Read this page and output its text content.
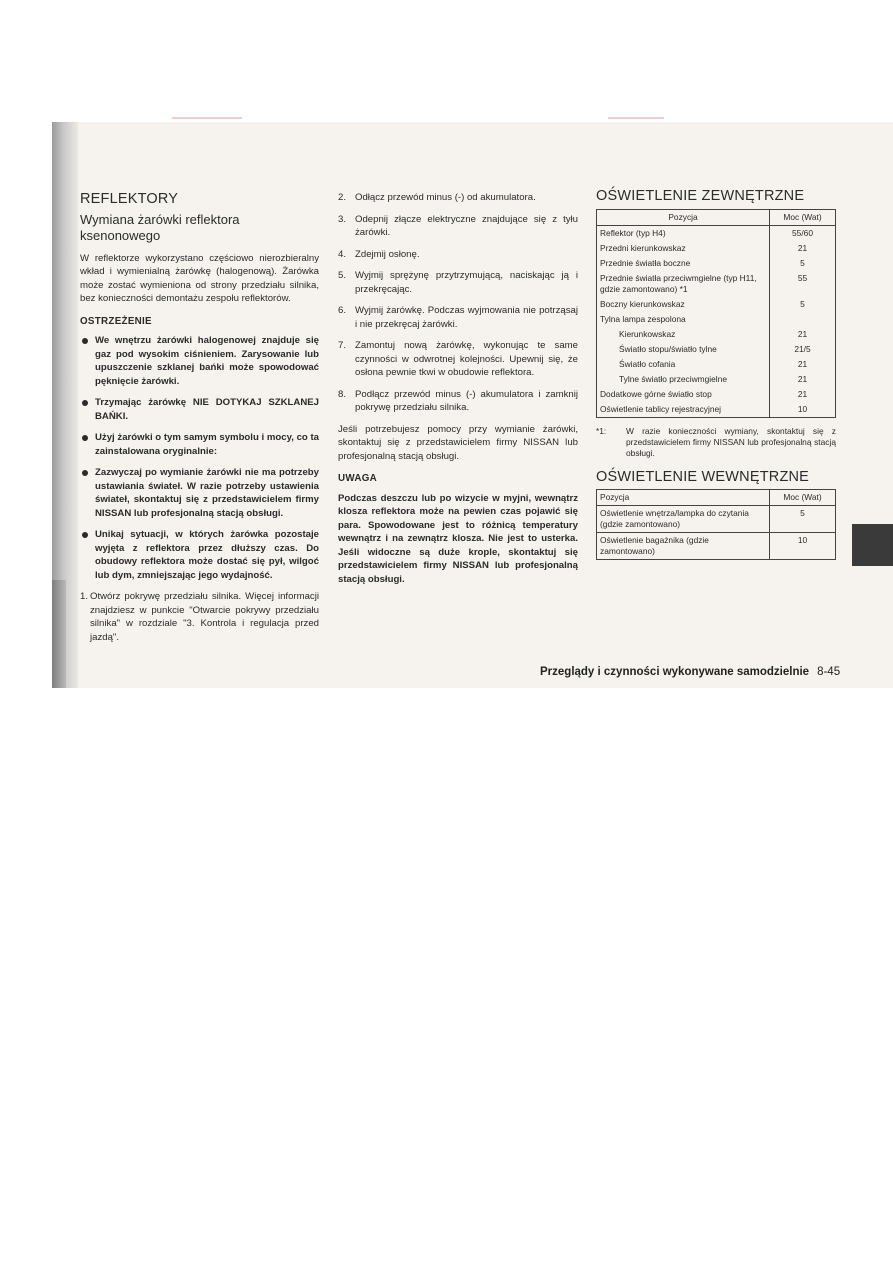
REFLEKTORY
Wymiana żarówki reflektora ksenonowego

W reflektorze wykorzystano częściowo nierozbieralny wkład i wymienialną żarówkę (halogenową). Żarówka może zostać wymieniona od strony przedziału silnika, bez konieczności demontażu zespołu reflektorów.

OSTRZEŻENIE
We wnętrzu żarówki halogenowej znajduje się gaz pod wysokim ciśnieniem. Zarysowanie lub upuszczenie szklanej bańki może spowodować pęknięcie żarówki.
Trzymając żarówkę NIE DOTYKAJ SZKLANEJ BAŃKI.
Użyj żarówki o tym samym symbolu i mocy, co ta zainstalowana oryginalnie:
Zazwyczaj po wymianie żarówki nie ma potrzeby ustawiania świateł. W razie potrzeby ustawienia świateł, skontaktuj się z przedstawicielem firmy NISSAN lub profesjonalną stacją obsługi.
Unikaj sytuacji, w których żarówka pozostaje wyjęta z reflektora przez dłuższy czas. Do obudowy reflektora może dostać się pył, wilgoć lub dym, zmniejszając jego wydajność.
1. Otwórz pokrywę przedziału silnika. Więcej informacji znajdziesz w punkcie "Otwarcie pokrywy przedziału silnika" w rozdziale "3. Kontrola i regulacja przed jazdą".
2. Odłącz przewód minus (-) od akumulatora.
3. Odepnij złącze elektryczne znajdujące się z tyłu żarówki.
4. Zdejmij osłonę.
5. Wyjmij sprężynę przytrzymującą, naciskając ją i przekręcając.
6. Wyjmij żarówkę. Podczas wyjmowania nie potrząsaj i nie przekręcaj żarówki.
7. Zamontuj nową żarówkę, wykonując te same czynności w odwrotnej kolejności. Upewnij się, że osłona pewnie tkwi w obudowie reflektora.
8. Podłącz przewód minus (-) akumulatora i zamknij pokrywę przedziału silnika.

Jeśli potrzebujesz pomocy przy wymianie żarówki, skontaktuj się z przedstawicielem firmy NISSAN lub profesjonalną stacją obsługi.

UWAGA

Podczas deszczu lub po wizycie w myjni, wewnątrz klosza reflektora może na pewien czas pojawić się para. Spowodowane jest to różnicą temperatury wewnątrz i na zewnątrz klosza. Nie jest to usterka. Jeśli widoczne są duże krople, skontaktuj się przedstawicielem firmy NISSAN lub profesjonalną stacją obsługi.

OŚWIETLENIE ZEWNĘTRZNE
Pozycja	Moc (Wat)
Reflektor (typ H4)	55/60
Przedni kierunkowskaz	21
Przednie światła boczne	5
Przednie światła przeciwmgielne (typ H11, gdzie zamontowano) *1	55
Boczny kierunkowskaz	5
Tylna lampa zespolona	
Kierunkowskaz	21
Światło stopu/światło tylne	21/5
Światło cofania	21
Tylne światło przeciwmgielne	21
Dodatkowe górne światło stop	21
Oświetlenie tablicy rejestracyjnej	10
*1: W razie konieczności wymiany, skontaktuj się z przedstawicielem firmy NISSAN lub profesjonalną stacją obsługi.
OŚWIETLENIE WEWNĘTRZNE
Pozycja	Moc (Wat)
Oświetlenie wnętrza/lampka do czytania (gdzie zamontowano)	5
Oświetlenie bagażnika (gdzie zamontowano)	10
Przeglądy i czynności wykonywane samodzielnie 8-45
